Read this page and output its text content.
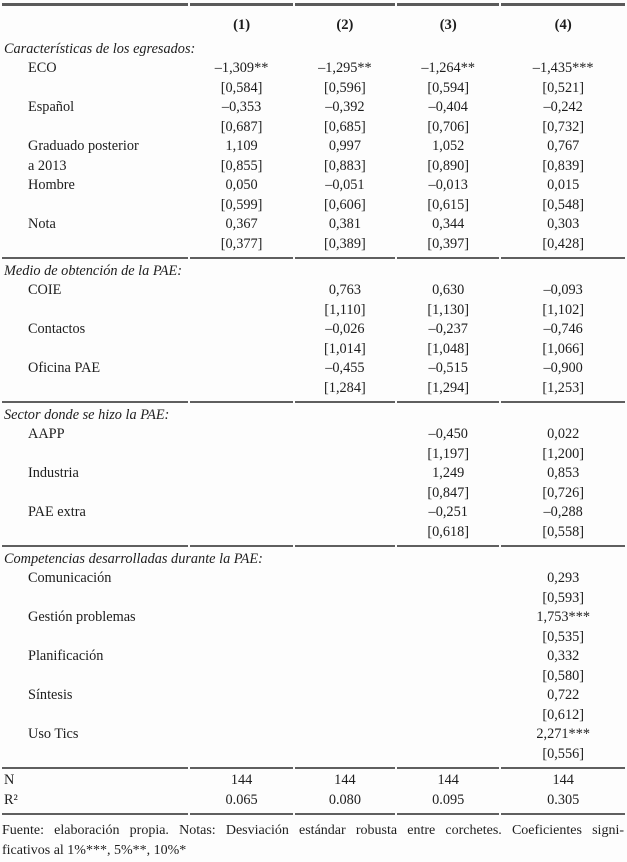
	(1)	(2)	(3)	(4)
Características de los egresados:				
ECO	–1,309**	–1,295**	–1,264**	–1,435***
	[0,584]	[0,596]	[0,594]	[0,521]
Español	–0,353	–0,392	–0,404	–0,242
	[0,687]	[0,685]	[0,706]	[0,732]
Graduado posterior	1,109	0,997	1,052	0,767
a 2013	[0,855]	[0,883]	[0,890]	[0,839]
Hombre	0,050	–0,051	–0,013	0,015
	[0,599]	[0,606]	[0,615]	[0,548]
Nota	0,367	0,381	0,344	0,303
	[0,377]	[0,389]	[0,397]	[0,428]
Medio de obtención de la PAE:				
COIE		0,763	0,630	–0,093
		[1,110]	[1,130]	[1,102]
Contactos		–0,026	–0,237	–0,746
		[1,014]	[1,048]	[1,066]
Oficina PAE		–0,455	–0,515	–0,900
		[1,284]	[1,294]	[1,253]
Sector donde se hizo la PAE:				
AAPP			–0,450	0,022
			[1,197]	[1,200]
Industria			1,249	0,853
			[0,847]	[0,726]
PAE extra			–0,251	–0,288
			[0,618]	[0,558]
Competencias desarrolladas durante la PAE:				
Comunicación				0,293
				[0,593]
Gestión problemas				1,753***
				[0,535]
Planificación				0,332
				[0,580]
Síntesis				0,722
				[0,612]
Uso Tics				2,271***
				[0,556]
N	144	144	144	144
R²	0.065	0.080	0.095	0.305
Fuente: elaboración propia. Notas: Desviación estándar robusta entre corchetes. Coeficientes signi-
ficativos al 1%***, 5%**, 10%*
